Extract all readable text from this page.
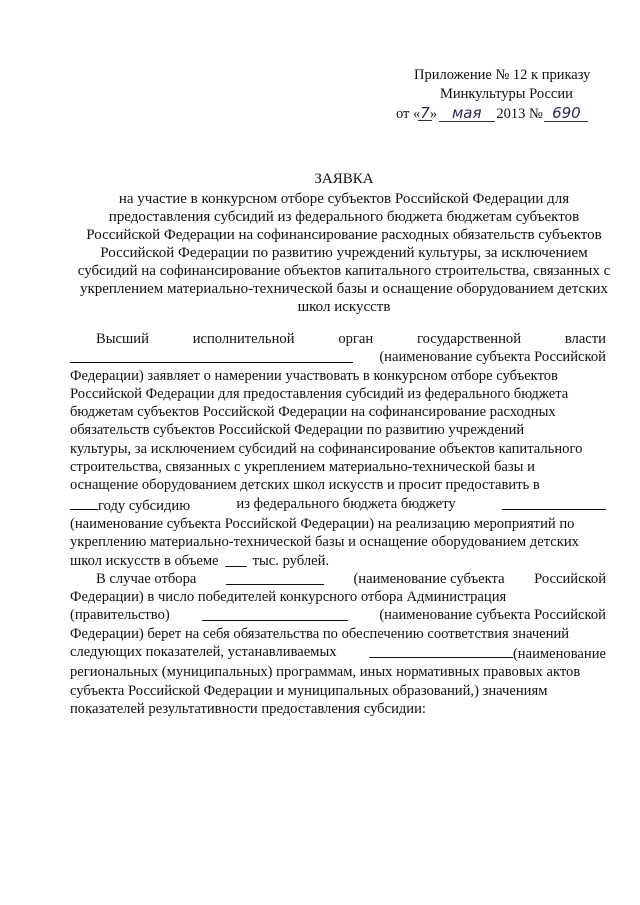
Приложение № 12 к приказу
Минкультуры России
от «7
» мая 2013 № 690
ЗАЯВКА
на участие в конкурсном отборе субъектов Российской Федерации для
предоставления субсидий из федерального бюджета бюджетам субъектов
Российской Федерации на софинансирование расходных обязательств субъектов
Российской Федерации по развитию учреждений культуры, за исключением
субсидий на софинансирование объектов капитального строительства, связанных с
укреплением материально-технической базы и оснащение оборудованием детских
школ искусств
Высший	исполнительной	орган	государственной	власти
(наименование субъекта Российской
Федерации) заявляет о намерении участвовать в конкурсном отборе субъектов
Российской Федерации для предоставления субсидий из федерального бюджета
бюджетам субъектов Российской Федерации на софинансирование расходных
обязательств субъектов Российской Федерации по развитию учреждений
культуры, за исключением субсидий на софинансирование объектов капитального
строительства, связанных с укреплением материально-технической базы и
оснащение оборудованием детских школ искусств и просит предоставить в
году субсидию	из федерального бюджета бюджету
(наименование субъекта Российской Федерации) на реализацию мероприятий по
укреплению материально-технической базы и оснащение оборудованием детских
школ искусств в объеме тыс. рублей.
В случае отбора	(наименование субъекта Российской
Федерации) в число победителей конкурсного отбора Администрация
(правительство)	(наименование субъекта Российской
Федерации) берет на себя обязательства по обеспечению соответствия значений
следующих показателей, устанавливаемых	(наименование
региональных (муниципальных) программам, иных нормативных правовых актов
субъекта Российской Федерации и муниципальных образований,) значениям
показателей результативности предоставления субсидии:
